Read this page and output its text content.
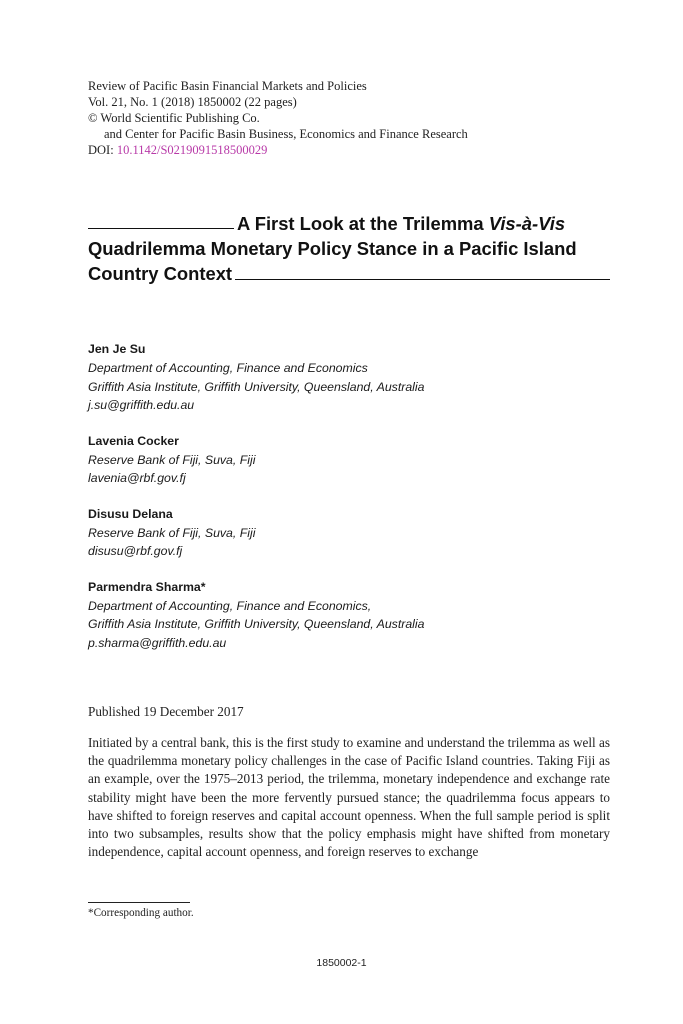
Review of Pacific Basin Financial Markets and Policies
Vol. 21, No. 1 (2018) 1850002 (22 pages)
© World Scientific Publishing Co.
and Center for Pacific Basin Business, Economics and Finance Research
DOI: 10.1142/S0219091518500029
A First Look at the Trilemma Vis-à-Vis
Quadrilemma Monetary Policy Stance in a Pacific Island
Country Context
Jen Je Su
Department of Accounting, Finance and Economics
Griffith Asia Institute, Griffith University, Queensland, Australia
j.su@griffith.edu.au
Lavenia Cocker
Reserve Bank of Fiji, Suva, Fiji
lavenia@rbf.gov.fj
Disusu Delana
Reserve Bank of Fiji, Suva, Fiji
disusu@rbf.gov.fj
Parmendra Sharma*
Department of Accounting, Finance and Economics,
Griffith Asia Institute, Griffith University, Queensland, Australia
p.sharma@griffith.edu.au
Published 19 December 2017
Initiated by a central bank, this is the first study to examine and understand the trilemma as well as the quadrilemma monetary policy challenges in the case of Pacific Island countries. Taking Fiji as an example, over the 1975–2013 period, the trilemma, monetary independence and exchange rate stability might have been the more fervently pursued stance; the quadrilemma focus appears to have shifted to foreign reserves and capital account openness. When the full sample period is split into two subsamples, results show that the policy emphasis might have shifted from monetary independence, capital account openness, and foreign reserves to exchange
*Corresponding author.
1850002-1
